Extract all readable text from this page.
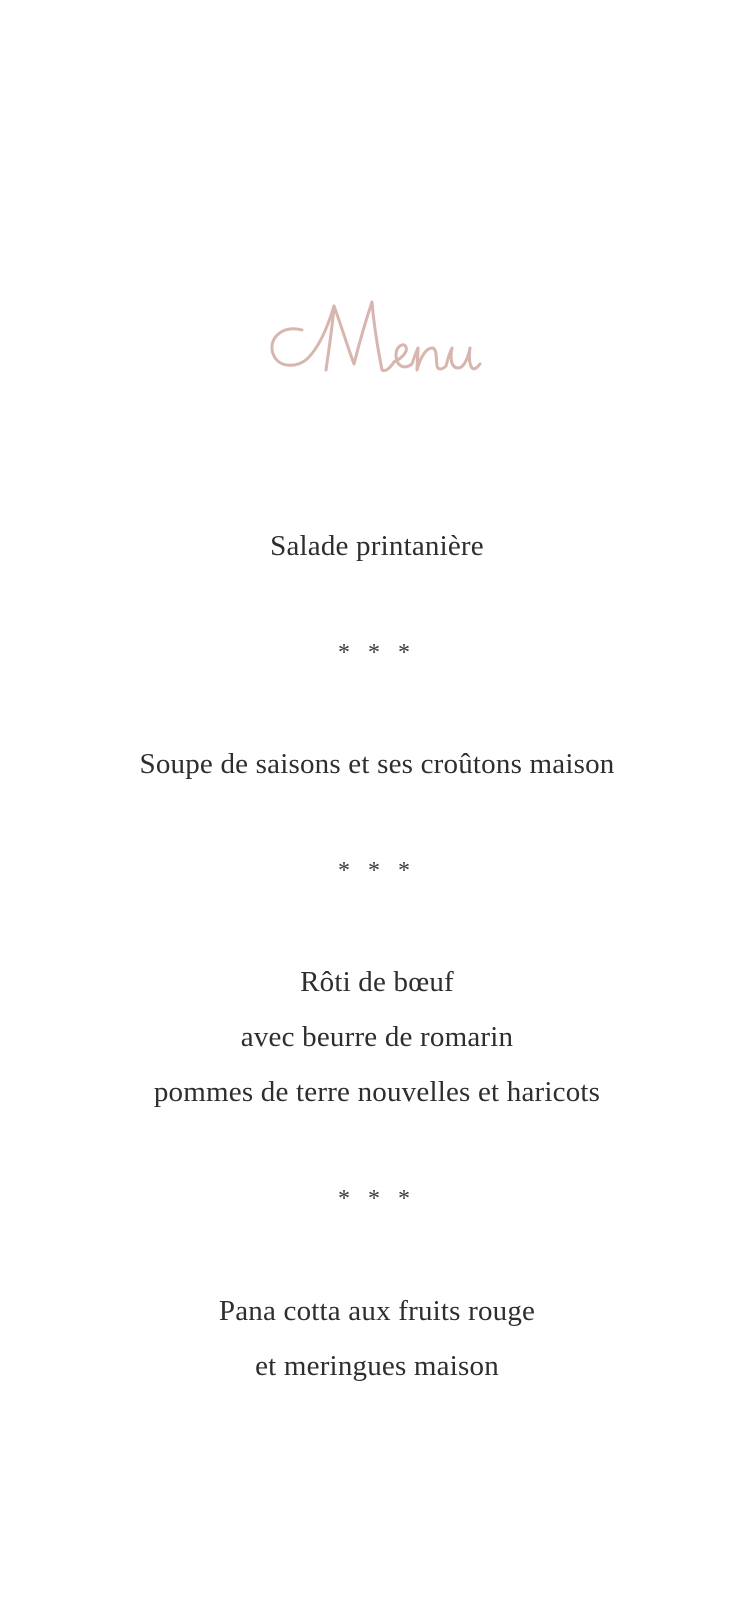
Salade printanière
* * *
Soupe de saisons et ses croûtons maison
* * *
Rôti de bœuf
avec beurre de romarin
pommes de terre nouvelles et haricots
* * *
Pana cotta aux fruits rouge
et meringues maison
